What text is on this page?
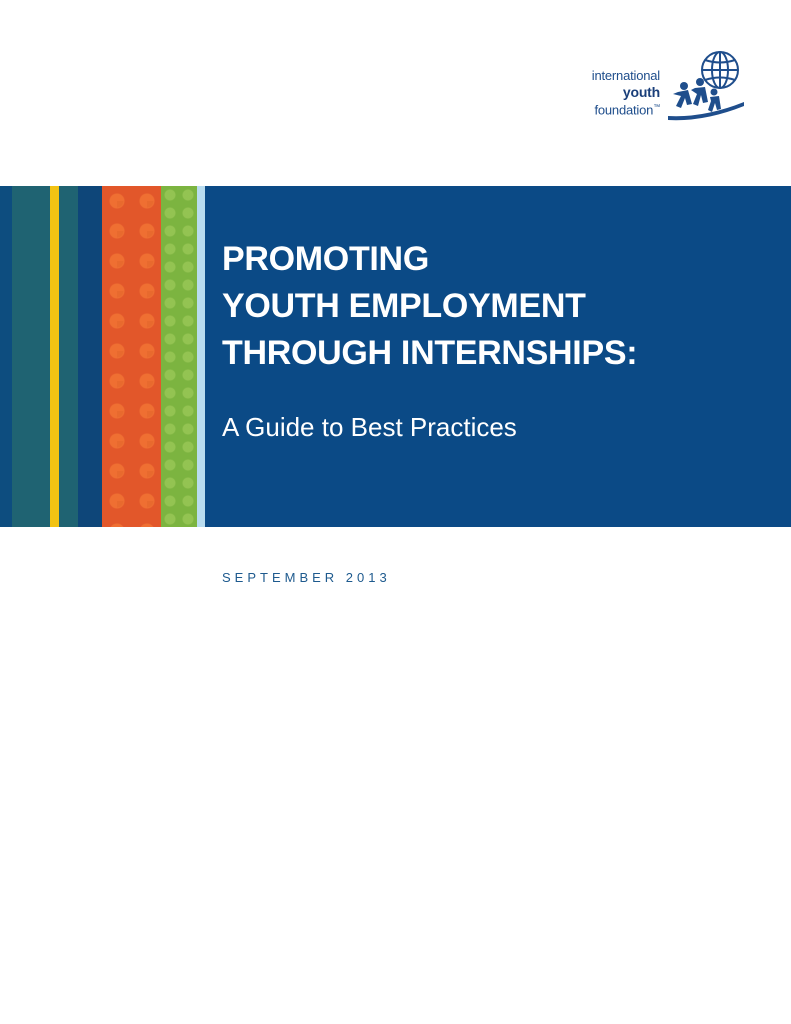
international
youth
foundation™
PROMOTING
YOUTH EMPLOYMENT
THROUGH INTERNSHIPS:
A Guide to Best Practices
SEPTEMBER 2013
